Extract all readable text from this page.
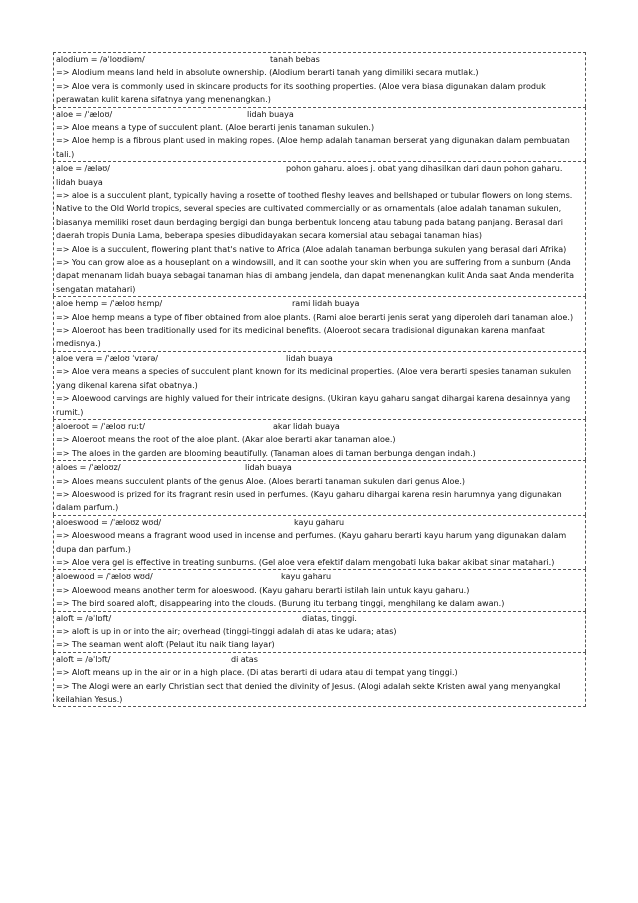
alodium = /əˈloʊdiəm/	tanah bebas
=> Alodium means land held in absolute ownership. (Alodium berarti tanah yang dimiliki secara mutlak.)
=> Aloe vera is commonly used in skincare products for its soothing properties. (Aloe vera biasa digunakan dalam produk perawatan kulit karena sifatnya yang menenangkan.)
aloe = /ˈæloʊ/	lidah buaya
=> Aloe means a type of succulent plant. (Aloe berarti jenis tanaman sukulen.)
=> Aloe hemp is a fibrous plant used in making ropes. (Aloe hemp adalah tanaman berserat yang digunakan dalam pembuatan tali.)
aloe = /æləʊ/	pohon gaharu. aloes j. obat yang dihasilkan dari daun pohon gaharu. lidah buaya
=> aloe is a succulent plant, typically having a rosette of toothed fleshy leaves and bellshaped or tubular flowers on long stems. Native to the Old World tropics, several species are cultivated commercially or as ornamentals (aloe adalah tanaman sukulen, biasanya memiliki roset daun berdaging bergigi dan bunga berbentuk lonceng atau tabung pada batang panjang. Berasal dari daerah tropis Dunia Lama, beberapa spesies dibudidayakan secara komersial atau sebagai tanaman hias)
=> Aloe is a succulent, flowering plant that's native to Africa (Aloe adalah tanaman berbunga sukulen yang berasal dari Afrika)
=> You can grow aloe as a houseplant on a windowsill, and it can soothe your skin when you are suffering from a sunburn (Anda dapat menanam lidah buaya sebagai tanaman hias di ambang jendela, dan dapat menenangkan kulit Anda saat Anda menderita sengatan matahari)
aloe hemp = /ˈæloʊ hɛmp/	rami lidah buaya
=> Aloe hemp means a type of fiber obtained from aloe plants. (Rami aloe berarti jenis serat yang diperoleh dari tanaman aloe.)
=> Aloeroot has been traditionally used for its medicinal benefits. (Aloeroot secara tradisional digunakan karena manfaat medisnya.)
aloe vera = /ˈæloʊ ˈvɪərə/	lidah buaya
=> Aloe vera means a species of succulent plant known for its medicinal properties. (Aloe vera berarti spesies tanaman sukulen yang dikenal karena sifat obatnya.)
=> Aloewood carvings are highly valued for their intricate designs. (Ukiran kayu gaharu sangat dihargai karena desainnya yang rumit.)
aloeroot = /ˈæloʊ ruːt/	akar lidah buaya
=> Aloeroot means the root of the aloe plant. (Akar aloe berarti akar tanaman aloe.)
=> The aloes in the garden are blooming beautifully. (Tanaman aloes di taman berbunga dengan indah.)
aloes = /ˈæloʊz/	lidah buaya
=> Aloes means succulent plants of the genus Aloe. (Aloes berarti tanaman sukulen dari genus Aloe.)
=> Aloeswood is prized for its fragrant resin used in perfumes. (Kayu gaharu dihargai karena resin harumnya yang digunakan dalam parfum.)
aloeswood = /ˈæloʊz wʊd/	kayu gaharu
=> Aloeswood means a fragrant wood used in incense and perfumes. (Kayu gaharu berarti kayu harum yang digunakan dalam dupa dan parfum.)
=> Aloe vera gel is effective in treating sunburns. (Gel aloe vera efektif dalam mengobati luka bakar akibat sinar matahari.)
aloewood = /ˈæloʊ wʊd/	kayu gaharu
=> Aloewood means another term for aloeswood. (Kayu gaharu berarti istilah lain untuk kayu gaharu.)
=> The bird soared aloft, disappearing into the clouds. (Burung itu terbang tinggi, menghilang ke dalam awan.)
aloft = /əˈlɒft/	diatas, tinggi.
=> aloft is up in or into the air; overhead (tinggi-tinggi adalah di atas ke udara; atas)
=> The seaman went aloft (Pelaut itu naik tiang layar)
aloft = /əˈlɔft/	di atas
=> Aloft means up in the air or in a high place. (Di atas berarti di udara atau di tempat yang tinggi.)
=> The Alogi were an early Christian sect that denied the divinity of Jesus. (Alogi adalah sekte Kristen awal yang menyangkal keilahian Yesus.)
